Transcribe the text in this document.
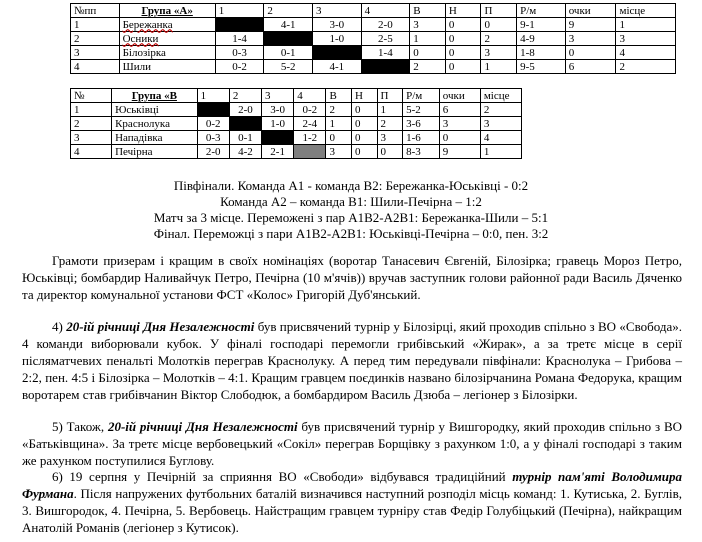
№пп	Група «А»	1	2	3	4	В	Н	П	Р/м	очки	місце
1	Бережанка		4-1	3-0	2-0	3	0	0	9-1	9	1
2	Осники	1-4		1-0	2-5	1	0	2	4-9	3	3
3	Білозірка	0-3	0-1		1-4	0	0	3	1-8	0	4
4	Шили	0-2	5-2	4-1		2	0	1	9-5	6	2
№	Група «В	1	2	3	4	В	Н	П	Р/м	очки	місце
1	Юськівці		2-0	3-0	0-2	2	0	1	5-2	6	2
2	Краснолука	0-2		1-0	2-4	1	0	2	3-6	3	3
3	Нападівка	0-3	0-1		1-2	0	0	3	1-6	0	4
4	Печірна	2-0	4-2	2-1		3	0	0	8-3	9	1
Півфінали. Команда А1 - команда В2: Бережанка-Юськівці - 0:2
Команда А2 – команда В1: Шили-Печірна – 1:2
Матч за 3 місце. Переможені з пар А1В2-А2В1: Бережанка-Шили – 5:1
Фінал. Переможці з пари А1В2-А2В1: Юськівці-Печірна – 0:0, пен. 3:2
Грамоти призерам і кращим в своїх номінаціях (воротар Танасевич Євгеній, Білозірка; гравець Мороз Петро, Юськівці; бомбардир Наливайчук Петро, Печірна (10 м'ячів)) вручав заступник голови районної ради Василь Дяченко та директор комунальної установи ФСТ «Колос» Григорій Дуб'янський.
4) 20-ій річниці Дня Незалежності був присвячений турнір у Білозірці, який проходив спільно з ВО «Свобода». 4 команди виборювали кубок. У фіналі господарі перемогли грибівський «Жирак», а за третє місце в серії післяматчевих пенальті Молотків переграв Краснолуку. А перед тим передували півфінали: Краснолука – Грибова – 2:2, пен. 4:5 і Білозірка – Молотків – 4:1. Кращим гравцем поєдинків названо білозірчанина Романа Федорука, кращим воротарем став грибівчанин Віктор Слободюк, а бомбардиром Василь Дзюба – легіонер з Білозірки.
5) Також, 20-ій річниці Дня Незалежності був присвячений турнір у Вишгородку, який проходив спільно з ВО «Батьківщина». За третє місце вербовецький «Сокіл» переграв Борщівку з рахунком 1:0, а у фіналі господарі з таким же рахунком поступилися Буглову.
6) 19 серпня у Печірній за сприяння ВО «Свободи» відбувався традиційний турнір пам'яті Володимира Фурмана. Після напружених футбольних баталій визначився наступний розподіл місць команд: 1. Кутиська, 2. Буглів, 3. Вишгородок, 4. Печірна, 5. Вербовець. Найстращим гравцем турніру став Федір Голубіцький (Печірна), найкращим Анатолій Романів (легіонер з Кутисок).
